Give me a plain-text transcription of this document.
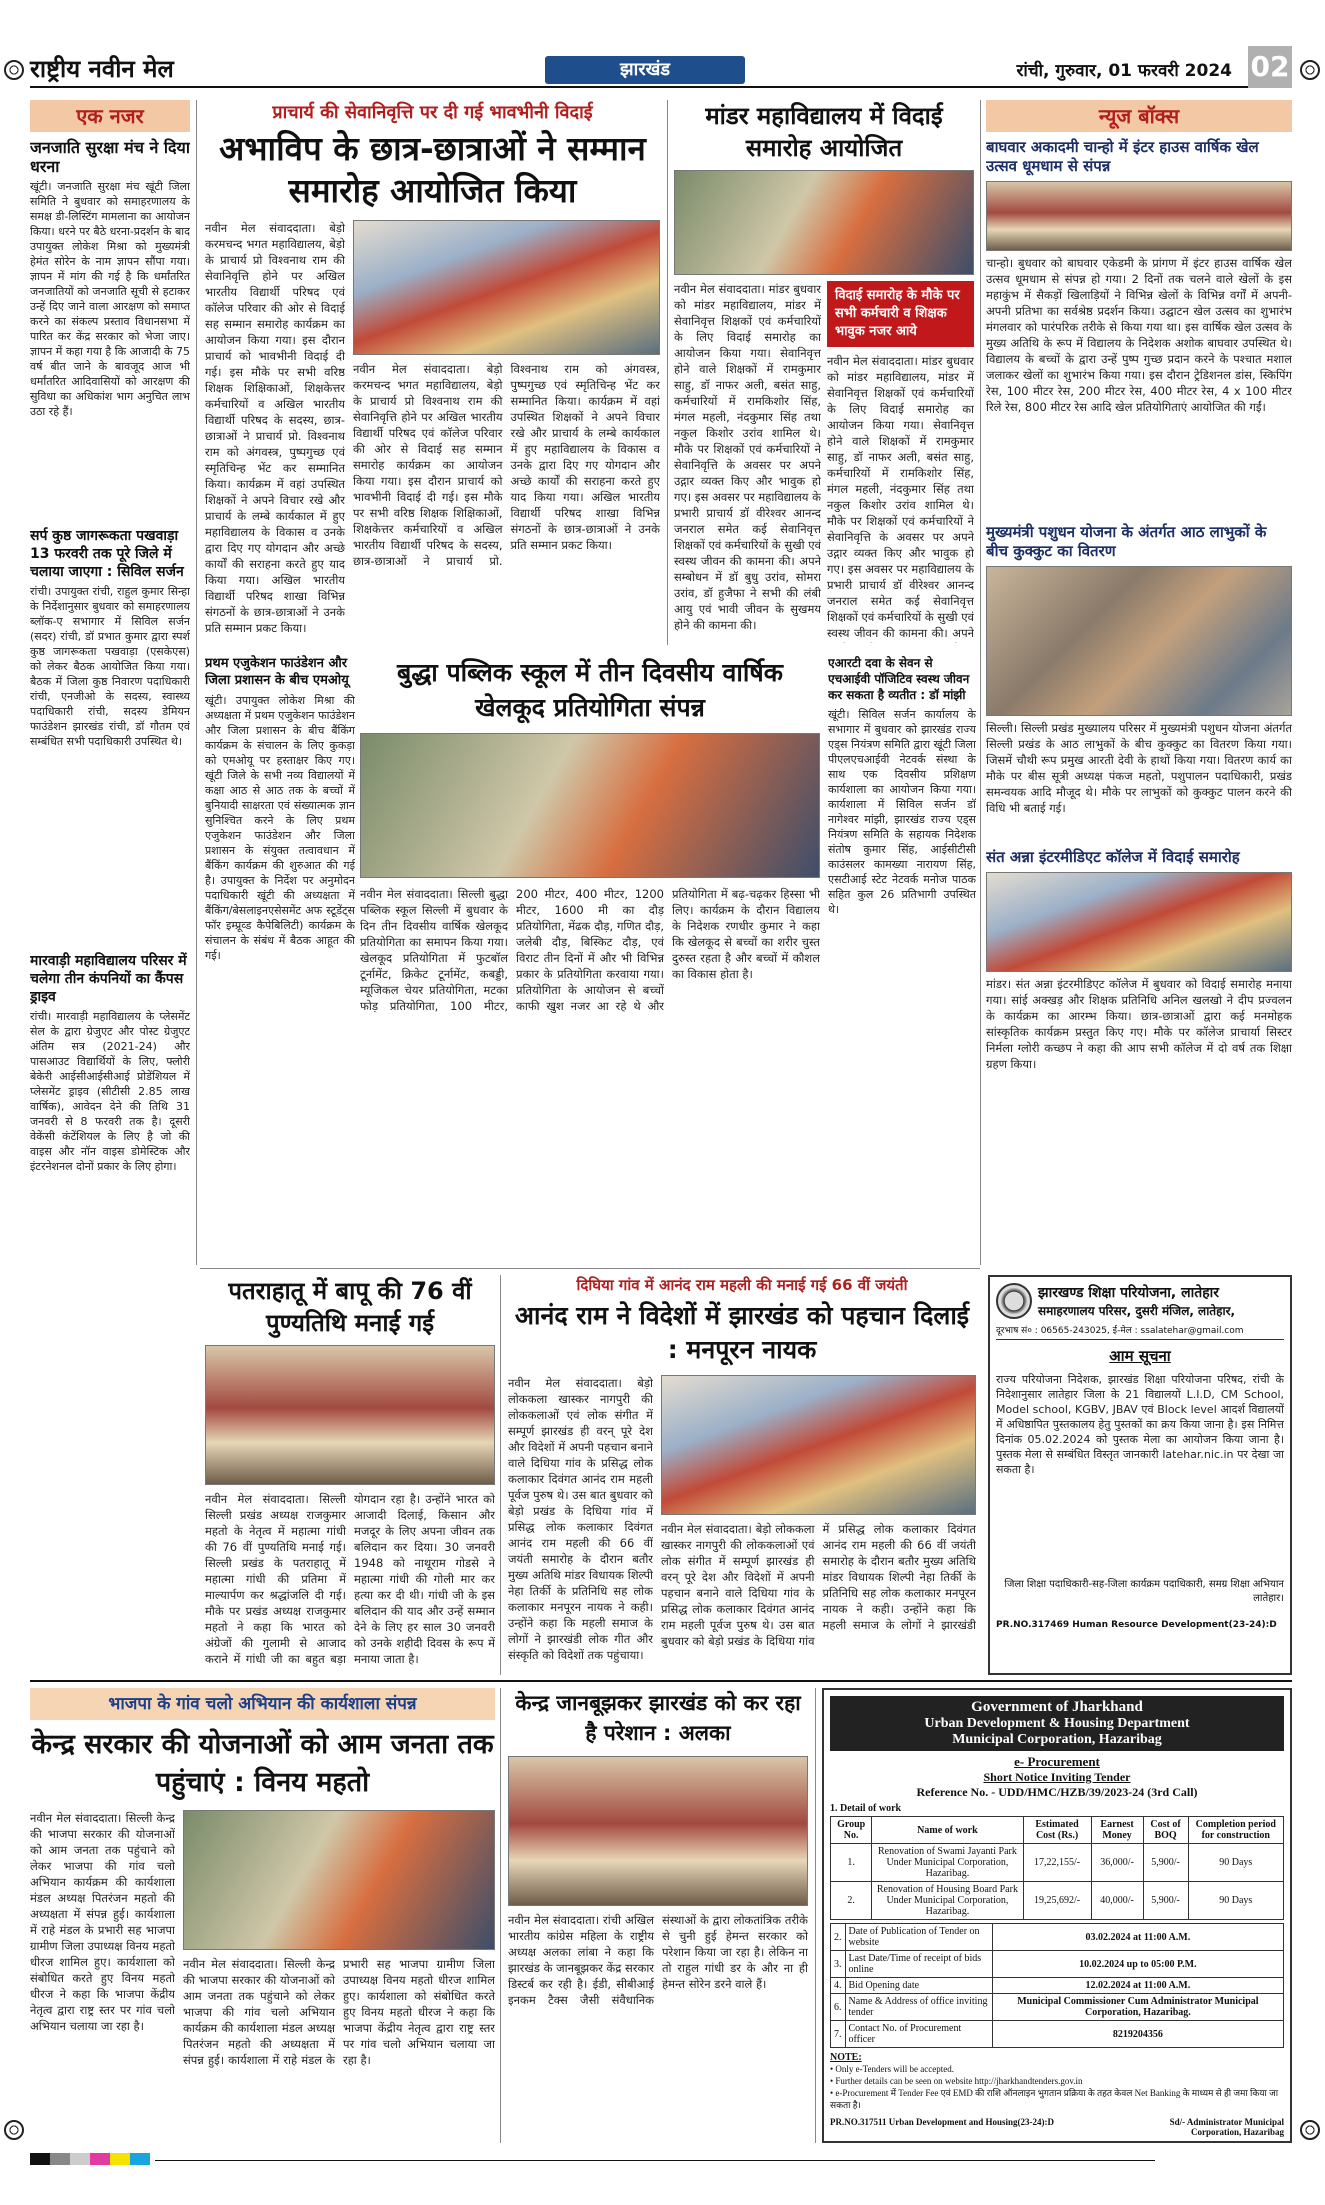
राष्ट्रीय नवीन मेल	झारखंड	रांची, गुरुवार, 01 फरवरी 2024 02
एक नजर
जनजाति सुरक्षा मंच ने दिया धरना
खूंटी। जनजाति सुरक्षा मंच खूंटी जिला समिति ने बुधवार को समाहरणालय के समक्ष डी-लिस्टिंग मामलाना का आयोजन किया। धरने पर बैठे धरना-प्रदर्शन के बाद उपायुक्त लोकेश मिश्रा को मुख्यमंत्री हेमंत सोरेन के नाम ज्ञापन सौंपा गया। ज्ञापन में मांग की गई है कि धर्मांतरित जनजातियों को जनजाति सूची से हटाकर उन्हें दिए जाने वाला आरक्षण को समाप्त करने का संकल्प प्रस्ताव विधानसभा में पारित कर केंद्र सरकार को भेजा जाए। ज्ञापन में कहा गया है कि आजादी के 75 वर्ष बीत जाने के बावजूद आज भी धर्मांतरित आदिवासियों को आरक्षण की सुविधा का अधिकांश भाग अनुचित लाभ उठा रहे हैं।
सर्प कुष्ठ जागरूकता पखवाड़ा 13 फरवरी तक पूरे जिले में चलाया जाएगा : सिविल सर्जन
रांची। उपायुक्त रांची, राहुल कुमार सिन्हा के निर्देशानुसार बुधवार को समाहरणालय ब्लॉक-ए सभागार में सिविल सर्जन (सदर) रांची, डॉ प्रभात कुमार द्वारा स्पर्श कुष्ठ जागरूकता पखवाड़ा (एसकेएस) को लेकर बैठक आयोजित किया गया। बैठक में जिला कुष्ठ निवारण पदाधिकारी रांची, एनजीओ के सदस्य, स्वास्थ्य पदाधिकारी रांची, सदस्य डेमियन फाउंडेशन झारखंड रांची, डॉ गौतम एवं सम्बंधित सभी पदाधिकारी उपस्थित थे।
मारवाड़ी महाविद्यालय परिसर में चलेगा तीन कंपनियों का कैंपस ड्राइव
रांची। मारवाड़ी महाविद्यालय के प्लेसमेंट सेल के द्वारा ग्रेजुएट और पोस्ट ग्रेजुएट अंतिम सत्र (2021-24) और पासआउट विद्यार्थियों के लिए, फ्लोरी बेकेरी आईसीआईसीआई प्रोडेंशियल में प्लेसमेंट ड्राइव (सीटीसी 2.85 लाख वार्षिक), आवेदन देने की तिथि 31 जनवरी से 8 फरवरी तक है। दूसरी वेकेंसी कंटेंशियल के लिए है जो की वाइस और नॉन वाइस डोमेस्टिक और इंटरनेशनल दोनों प्रकार के लिए होगा।
प्राचार्य की सेवानिवृत्ति पर दी गई भावभीनी विदाई
अभाविप के छात्र-छात्राओं ने सम्मान समारोह आयोजित किया
नवीन मेल संवाददाता। बेड़ो करमचन्द भगत महाविद्यालय, बेड़ो के प्राचार्य प्रो विश्वनाथ राम की सेवानिवृत्ति होने पर अखिल भारतीय विद्यार्थी परिषद एवं कॉलेज परिवार की ओर से विदाई सह सम्मान समारोह कार्यक्रम का आयोजन किया गया। इस दौरान प्राचार्य को भावभीनी विदाई दी गई। इस मौके पर सभी वरिष्ठ शिक्षक शिक्षिकाओं, शिक्षकेत्तर कर्मचारियों व अखिल भारतीय विद्यार्थी परिषद के सदस्य, छात्र-छात्राओं ने प्राचार्य प्रो. विश्वनाथ राम को अंगवस्त्र, पुष्पगुच्छ एवं स्मृतिचिन्ह भेंट कर सम्मानित किया। कार्यक्रम में वहां उपस्थित शिक्षकों ने अपने विचार रखे और प्राचार्य के लम्बे कार्यकाल में हुए महाविद्यालय के विकास व उनके द्वारा दिए गए योगदान और अच्छे कार्यों की सराहना करते हुए याद किया गया। अखिल भारतीय विद्यार्थी परिषद शाखा विभिन्न संगठनों के छात्र-छात्राओं ने उनके प्रति सम्मान प्रकट किया।
नवीन मेल संवाददाता। बेड़ो करमचन्द भगत महाविद्यालय, बेड़ो के प्राचार्य प्रो विश्वनाथ राम की सेवानिवृत्ति होने पर अखिल भारतीय विद्यार्थी परिषद एवं कॉलेज परिवार की ओर से विदाई सह सम्मान समारोह कार्यक्रम का आयोजन किया गया। इस दौरान प्राचार्य को भावभीनी विदाई दी गई। इस मौके पर सभी वरिष्ठ शिक्षक शिक्षिकाओं, शिक्षकेत्तर कर्मचारियों व अखिल भारतीय विद्यार्थी परिषद के सदस्य, छात्र-छात्राओं ने प्राचार्य प्रो. विश्वनाथ राम को अंगवस्त्र, पुष्पगुच्छ एवं स्मृतिचिन्ह भेंट कर सम्मानित किया। कार्यक्रम में वहां उपस्थित शिक्षकों ने अपने विचार रखे और प्राचार्य के लम्बे कार्यकाल में हुए महाविद्यालय के विकास व उनके द्वारा दिए गए योगदान और अच्छे कार्यों की सराहना करते हुए याद किया गया। अखिल भारतीय विद्यार्थी परिषद शाखा विभिन्न संगठनों के छात्र-छात्राओं ने उनके प्रति सम्मान प्रकट किया।
मांडर महाविद्यालय में विदाई समारोह आयोजित
नवीन मेल संवाददाता। मांडर बुधवार को मांडर महाविद्यालय, मांडर में सेवानिवृत्त शिक्षकों एवं कर्मचारियों के लिए विदाई समारोह का आयोजन किया गया। सेवानिवृत्त होने वाले शिक्षकों में रामकुमार साहु, डॉ नाफर अली, बसंत साहु, कर्मचारियों में रामकिशोर सिंह, मंगल महली, नंदकुमार सिंह तथा नकुल किशोर उरांव शामिल थे। मौके पर शिक्षकों एवं कर्मचारियों ने सेवानिवृत्ति के अवसर पर अपने उद्गार व्यक्त किए और भावुक हो गए। इस अवसर पर महाविद्यालय के प्रभारी प्राचार्य डॉ वीरेश्वर आनन्द जनराल समेत कई सेवानिवृत्त शिक्षकों एवं कर्मचारियों के सुखी एवं स्वस्थ जीवन की कामना की। अपने सम्बोधन में डॉ बुधु उरांव, सोमरा उरांव, डॉ हुजैफा ने सभी की लंबी आयु एवं भावी जीवन के सुखमय होने की कामना की।
विदाई समारोह के मौके पर सभी कर्मचारी व शिक्षक भावुक नजर आये
नवीन मेल संवाददाता। मांडर बुधवार को मांडर महाविद्यालय, मांडर में सेवानिवृत्त शिक्षकों एवं कर्मचारियों के लिए विदाई समारोह का आयोजन किया गया। सेवानिवृत्त होने वाले शिक्षकों में रामकुमार साहु, डॉ नाफर अली, बसंत साहु, कर्मचारियों में रामकिशोर सिंह, मंगल महली, नंदकुमार सिंह तथा नकुल किशोर उरांव शामिल थे। मौके पर शिक्षकों एवं कर्मचारियों ने सेवानिवृत्ति के अवसर पर अपने उद्गार व्यक्त किए और भावुक हो गए। इस अवसर पर महाविद्यालय के प्रभारी प्राचार्य डॉ वीरेश्वर आनन्द जनराल समेत कई सेवानिवृत्त शिक्षकों एवं कर्मचारियों के सुखी एवं स्वस्थ जीवन की कामना की। अपने
न्यूज बॉक्स
बाघवार अकादमी चान्हो में इंटर हाउस वार्षिक खेल उत्सव धूमधाम से संपन्न
चान्हो। बुधवार को बाघवार एकेडमी के प्रांगण में इंटर हाउस वार्षिक खेल उत्सव धूमधाम से संपन्न हो गया। 2 दिनों तक चलने वाले खेलों के इस महाकुंभ में सैकड़ों खिलाड़ियों ने विभिन्न खेलों के विभिन्न वर्गों में अपनी-अपनी प्रतिभा का सर्वश्रेष्ठ प्रदर्शन किया। उद्घाटन खेल उत्सव का शुभारंभ मंगलवार को पारंपरिक तरीके से किया गया था। इस वार्षिक खेल उत्सव के मुख्य अतिथि के रूप में विद्यालय के निदेशक अशोक बाघवार उपस्थित थे। विद्यालय के बच्चों के द्वारा उन्हें पुष्प गुच्छ प्रदान करने के पश्चात मशाल जलाकर खेलों का शुभारंभ किया गया। इस दौरान ट्रेडिशनल डांस, स्किपिंग रेस, 100 मीटर रेस, 200 मीटर रेस, 400 मीटर रेस, 4 x 100 मीटर रिले रेस, 800 मीटर रेस आदि खेल प्रतियोगिताएं आयोजित की गईं।
मुख्यमंत्री पशुधन योजना के अंतर्गत आठ लाभुकों के बीच कुक्कुट का वितरण
सिल्ली। सिल्ली प्रखंड मुख्यालय परिसर में मुख्यमंत्री पशुधन योजना अंतर्गत सिल्ली प्रखंड के आठ लाभुकों के बीच कुक्कुट का वितरण किया गया। जिसमें चौथी रूप प्रमुख आरती देवी के हाथों किया गया। वितरण कार्य का मौके पर बीस सूत्री अध्यक्ष पंकज महतो, पशुपालन पदाधिकारी, प्रखंड समन्वयक आदि मौजूद थे। मौके पर लाभुकों को कुक्कुट पालन करने की विधि भी बताई गई।
संत अन्ना इंटरमीडिएट कॉलेज में विदाई समारोह
मांडर। संत अन्ना इंटरमीडिएट कॉलेज में बुधवार को विदाई समारोह मनाया गया। सांई अक्खड़ और शिक्षक प्रतिनिधि अनिल खलखो ने दीप प्रज्वलन के कार्यक्रम का आरम्भ किया। छात्र-छात्राओं द्वारा कई मनमोहक सांस्कृतिक कार्यक्रम प्रस्तुत किए गए। मौके पर कॉलेज प्राचार्या सिस्टर निर्मला ग्लोरी कच्छप ने कहा की आप सभी कॉलेज में दो वर्ष तक शिक्षा ग्रहण किया।
प्रथम एजुकेशन फाउंडेशन और जिला प्रशासन के बीच एमओयू
खूंटी। उपायुक्त लोकेश मिश्रा की अध्यक्षता में प्रथम एजुकेशन फाउंडेशन और जिला प्रशासन के बीच बैंकिंग कार्यक्रम के संचालन के लिए कुकड़ा को एमओयू पर हस्ताक्षर किए गए। खूंटी जिले के सभी नव्य विद्यालयों में कक्षा आठ से आठ तक के बच्चों में बुनियादी साक्षरता एवं संख्यात्मक ज्ञान सुनिश्चित करने के लिए प्रथम एजुकेशन फाउंडेशन और जिला प्रशासन के संयुक्त तत्वावधान में बैंकिंग कार्यक्रम की शुरुआत की गई है। उपायुक्त के निर्देश पर अनुमोदन पदाधिकारी खूंटी की अध्यक्षता में बैंकिंग/बेसलाइनएसेसमेंट अफ स्टूडेंट्स फॉर इम्प्रूव्ड कैपेबिलिटी) कार्यक्रम के संचालन के संबंध में बैठक आहूत की गई।
बुद्धा पब्लिक स्कूल में तीन दिवसीय वार्षिक खेलकूद प्रतियोगिता संपन्न
नवीन मेल संवाददाता। सिल्ली बुद्धा पब्लिक स्कूल सिल्ली में बुधवार के दिन तीन दिवसीय वार्षिक खेलकूद प्रतियोगिता का समापन किया गया। खेलकूद प्रतियोगिता में फुटबॉल टूर्नामेंट, क्रिकेट टूर्नामेंट, कबड्डी, म्यूजिकल चेयर प्रतियोगिता, मटका फोड़ प्रतियोगिता, 100 मीटर, 200 मीटर, 400 मीटर, 1200 मीटर, 1600 मी का दौड़ प्रतियोगिता, मेंढक दौड़, गणित दौड़, जलेबी दौड़, बिस्किट दौड़, एवं विराट तीन दिनों में और भी विभिन्न प्रकार के प्रतियोगिता करवाया गया। प्रतियोगिता के आयोजन से बच्चों काफी खुश नजर आ रहे थे और प्रतियोगिता में बढ़-चढ़कर हिस्सा भी लिए। कार्यक्रम के दौरान विद्यालय के निदेशक रणधीर कुमार ने कहा कि खेलकूद से बच्चों का शरीर चुस्त दुरुस्त रहता है और बच्चों में कौशल का विकास होता है।
एआरटी दवा के सेवन से एचआईवी पॉजिटिव स्वस्थ जीवन कर सकता है व्यतीत : डॉ मांझी
खूंटी। सिविल सर्जन कार्यालय के सभागार में बुधवार को झारखंड राज्य एड्स नियंत्रण समिति द्वारा खूंटी जिला पीएलएचआईवी नेटवर्क संस्था के साथ एक दिवसीय प्रशिक्षण कार्यशाला का आयोजन किया गया। कार्यशाला में सिविल सर्जन डॉ नागेश्वर मांझी, झारखंड राज्य एड्स नियंत्रण समिति के सहायक निदेशक संतोष कुमार सिंह, आईसीटीसी काउंसलर कामख्या नारायण सिंह, एसटीआई स्टेट नेटवर्क मनोज पाठक सहित कुल 26 प्रतिभागी उपस्थित थे।
पतराहातू में बापू की 76 वीं पुण्यतिथि मनाई गई
नवीन मेल संवाददाता। सिल्ली सिल्ली प्रखंड अध्यक्ष राजकुमार महतो के नेतृत्व में महात्मा गांधी की 76 वीं पुण्यतिथि मनाई गई। सिल्ली प्रखंड के पतराहातू में महात्मा गांधी की प्रतिमा में माल्यार्पण कर श्रद्धांजलि दी गई। मौके पर प्रखंड अध्यक्ष राजकुमार महतो ने कहा कि भारत को अंग्रेजों की गुलामी से आजाद कराने में गांधी जी का बहुत बड़ा योगदान रहा है। उन्होंने भारत को आजादी दिलाई, किसान और मजदूर के लिए अपना जीवन तक बलिदान कर दिया। 30 जनवरी 1948 को नाथूराम गोडसे ने महात्मा गांधी की गोली मार कर हत्या कर दी थी। गांधी जी के इस बलिदान की याद और उन्हें सम्मान देने के लिए हर साल 30 जनवरी को उनके शहीदी दिवस के रूप में मनाया जाता है।
दिघिया गांव में आनंद राम महली की मनाई गई 66 वीं जयंती
आनंद राम ने विदेशों में झारखंड को पहचान दिलाई : मनपूरन नायक
नवीन मेल संवाददाता। बेड़ो लोककला खास्कर नागपुरी की लोककलाओं एवं लोक संगीत में सम्पूर्ण झारखंड ही वरन् पूरे देश और विदेशों में अपनी पहचान बनाने वाले दिधिया गांव के प्रसिद्ध लोक कलाकार दिवंगत आनंद राम महली पूर्वज पुरुष थे। उस बात बुधवार को बेड़ो प्रखंड के दिधिया गांव में प्रसिद्ध लोक कलाकार दिवंगत आनंद राम महली की 66 वीं जयंती समारोह के दौरान बतौर मुख्य अतिथि मांडर विधायक शिल्पी नेहा तिर्की के प्रतिनिधि सह लोक कलाकार मनपूरन नायक ने कही। उन्होंने कहा कि महली समाज के लोगों ने झारखंडी लोक गीत और संस्कृति को विदेशों तक पहुंचाया।
नवीन मेल संवाददाता। बेड़ो लोककला खास्कर नागपुरी की लोककलाओं एवं लोक संगीत में सम्पूर्ण झारखंड ही वरन् पूरे देश और विदेशों में अपनी पहचान बनाने वाले दिधिया गांव के प्रसिद्ध लोक कलाकार दिवंगत आनंद राम महली पूर्वज पुरुष थे। उस बात बुधवार को बेड़ो प्रखंड के दिधिया गांव में प्रसिद्ध लोक कलाकार दिवंगत आनंद राम महली की 66 वीं जयंती समारोह के दौरान बतौर मुख्य अतिथि मांडर विधायक शिल्पी नेहा तिर्की के प्रतिनिधि सह लोक कलाकार मनपूरन नायक ने कही। उन्होंने कहा कि महली समाज के लोगों ने झारखंडी
झारखण्ड शिक्षा परियोजना, लातेहार
समाहरणालय परिसर, दुसरी मंजिल, लातेहार,
दूरभाष सं० : 06565-243025, ई-मेल : ssalatehar@gmail.com
आम सूचना
राज्य परियोजना निदेशक, झारखंड शिक्षा परियोजना परिषद, रांची के निदेशानुसार लातेहार जिला के 21 विद्यालयों L.I.D, CM School, Model school, KGBV, JBAV एवं Block level आदर्श विद्यालयों में अधिष्ठापित पुस्तकालय हेतु पुस्तकों का क्रय किया जाना है। इस निमित्त दिनांक 05.02.2024 को पुस्तक मेला का आयोजन किया जाना है। पुस्तक मेला से सम्बंधित विस्तृत जानकारी latehar.nic.in पर देखा जा सकता है।
जिला शिक्षा पदाधिकारी-सह-जिला कार्यक्रम पदाधिकारी, समग्र शिक्षा अभियान लातेहार।
PR.NO.317469 Human Resource Development(23-24):D
भाजपा के गांव चलो अभियान की कार्यशाला संपन्न
केन्द्र सरकार की योजनाओं को आम जनता तक पहुंचाएं : विनय महतो
नवीन मेल संवाददाता। सिल्ली केन्द्र की भाजपा सरकार की योजनाओं को आम जनता तक पहुंचाने को लेकर भाजपा की गांव चलो अभियान कार्यक्रम की कार्यशाला मंडल अध्यक्ष पितरंजन महतो की अध्यक्षता में संपन्न हुई। कार्यशाला में राहे मंडल के प्रभारी सह भाजपा ग्रामीण जिला उपाध्यक्ष विनय महतो धीरज शामिल हुए। कार्यशाला को संबोधित करते हुए विनय महतो धीरज ने कहा कि भाजपा केंद्रीय नेतृत्व द्वारा राष्ट्र स्तर पर गांव चलो अभियान चलाया जा रहा है।
नवीन मेल संवाददाता। सिल्ली केन्द्र की भाजपा सरकार की योजनाओं को आम जनता तक पहुंचाने को लेकर भाजपा की गांव चलो अभियान कार्यक्रम की कार्यशाला मंडल अध्यक्ष पितरंजन महतो की अध्यक्षता में संपन्न हुई। कार्यशाला में राहे मंडल के प्रभारी सह भाजपा ग्रामीण जिला उपाध्यक्ष विनय महतो धीरज शामिल हुए। कार्यशाला को संबोधित करते हुए विनय महतो धीरज ने कहा कि भाजपा केंद्रीय नेतृत्व द्वारा राष्ट्र स्तर पर गांव चलो अभियान चलाया जा रहा है।
केन्द्र जानबूझकर झारखंड को कर रहा है परेशान : अलका
नवीन मेल संवाददाता। रांची अखिल भारतीय कांग्रेस महिला के राष्ट्रीय अध्यक्ष अलका लांबा ने कहा कि झारखंड के जानबूझकर केंद्र सरकार डिस्टर्ब कर रही है। ईडी, सीबीआई इनकम टैक्स जैसी संवैधानिक संस्थाओं के द्वारा लोकतांत्रिक तरीके से चुनी हुई हेमन्त सरकार को परेशान किया जा रहा है। लेकिन ना तो राहुल गांधी डर के और ना ही हेमन्त सोरेन डरने वाले हैं।
Government of Jharkhand
Urban Development & Housing Department
Municipal Corporation, Hazaribag
e- Procurement
Short Notice Inviting Tender
Reference No. - UDD/HMC/HZB/39/2023-24 (3rd Call)
1. Detail of work
Group No.	Name of work	Estimated Cost (Rs.)	Earnest Money	Cost of BOQ	Completion period for construction
1.	Renovation of Swami Jayanti Park Under Municipal Corporation, Hazaribag.	17,22,155/-	36,000/-	5,900/-	90 Days
2.	Renovation of Housing Board Park Under Municipal Corporation, Hazaribag.	19,25,692/-	40,000/-	5,900/-	90 Days
2.	Date of Publication of Tender on website	03.02.2024 at 11:00 A.M.
3.	Last Date/Time of receipt of bids online	10.02.2024 up to 05:00 P.M.
4.	Bid Opening date	12.02.2024 at 11:00 A.M.
6.	Name & Address of office inviting tender	Municipal Commissioner Cum Administrator Municipal Corporation, Hazaribag.
7.	Contact No. of Procurement officer	8219204356
NOTE:
• Only e-Tenders will be accepted.
• Further details can be seen on website http://jharkhandtenders.gov.in
• e-Procurement में Tender Fee एवं EMD की राशि ऑनलाइन भुगतान प्रक्रिया के तहत केवल Net Banking के माध्यम से ही जमा किया जा सकता है।
PR.NO.317511 Urban Development and Housing(23-24):D	Sd/- Administrator Municipal Corporation, Hazaribag
